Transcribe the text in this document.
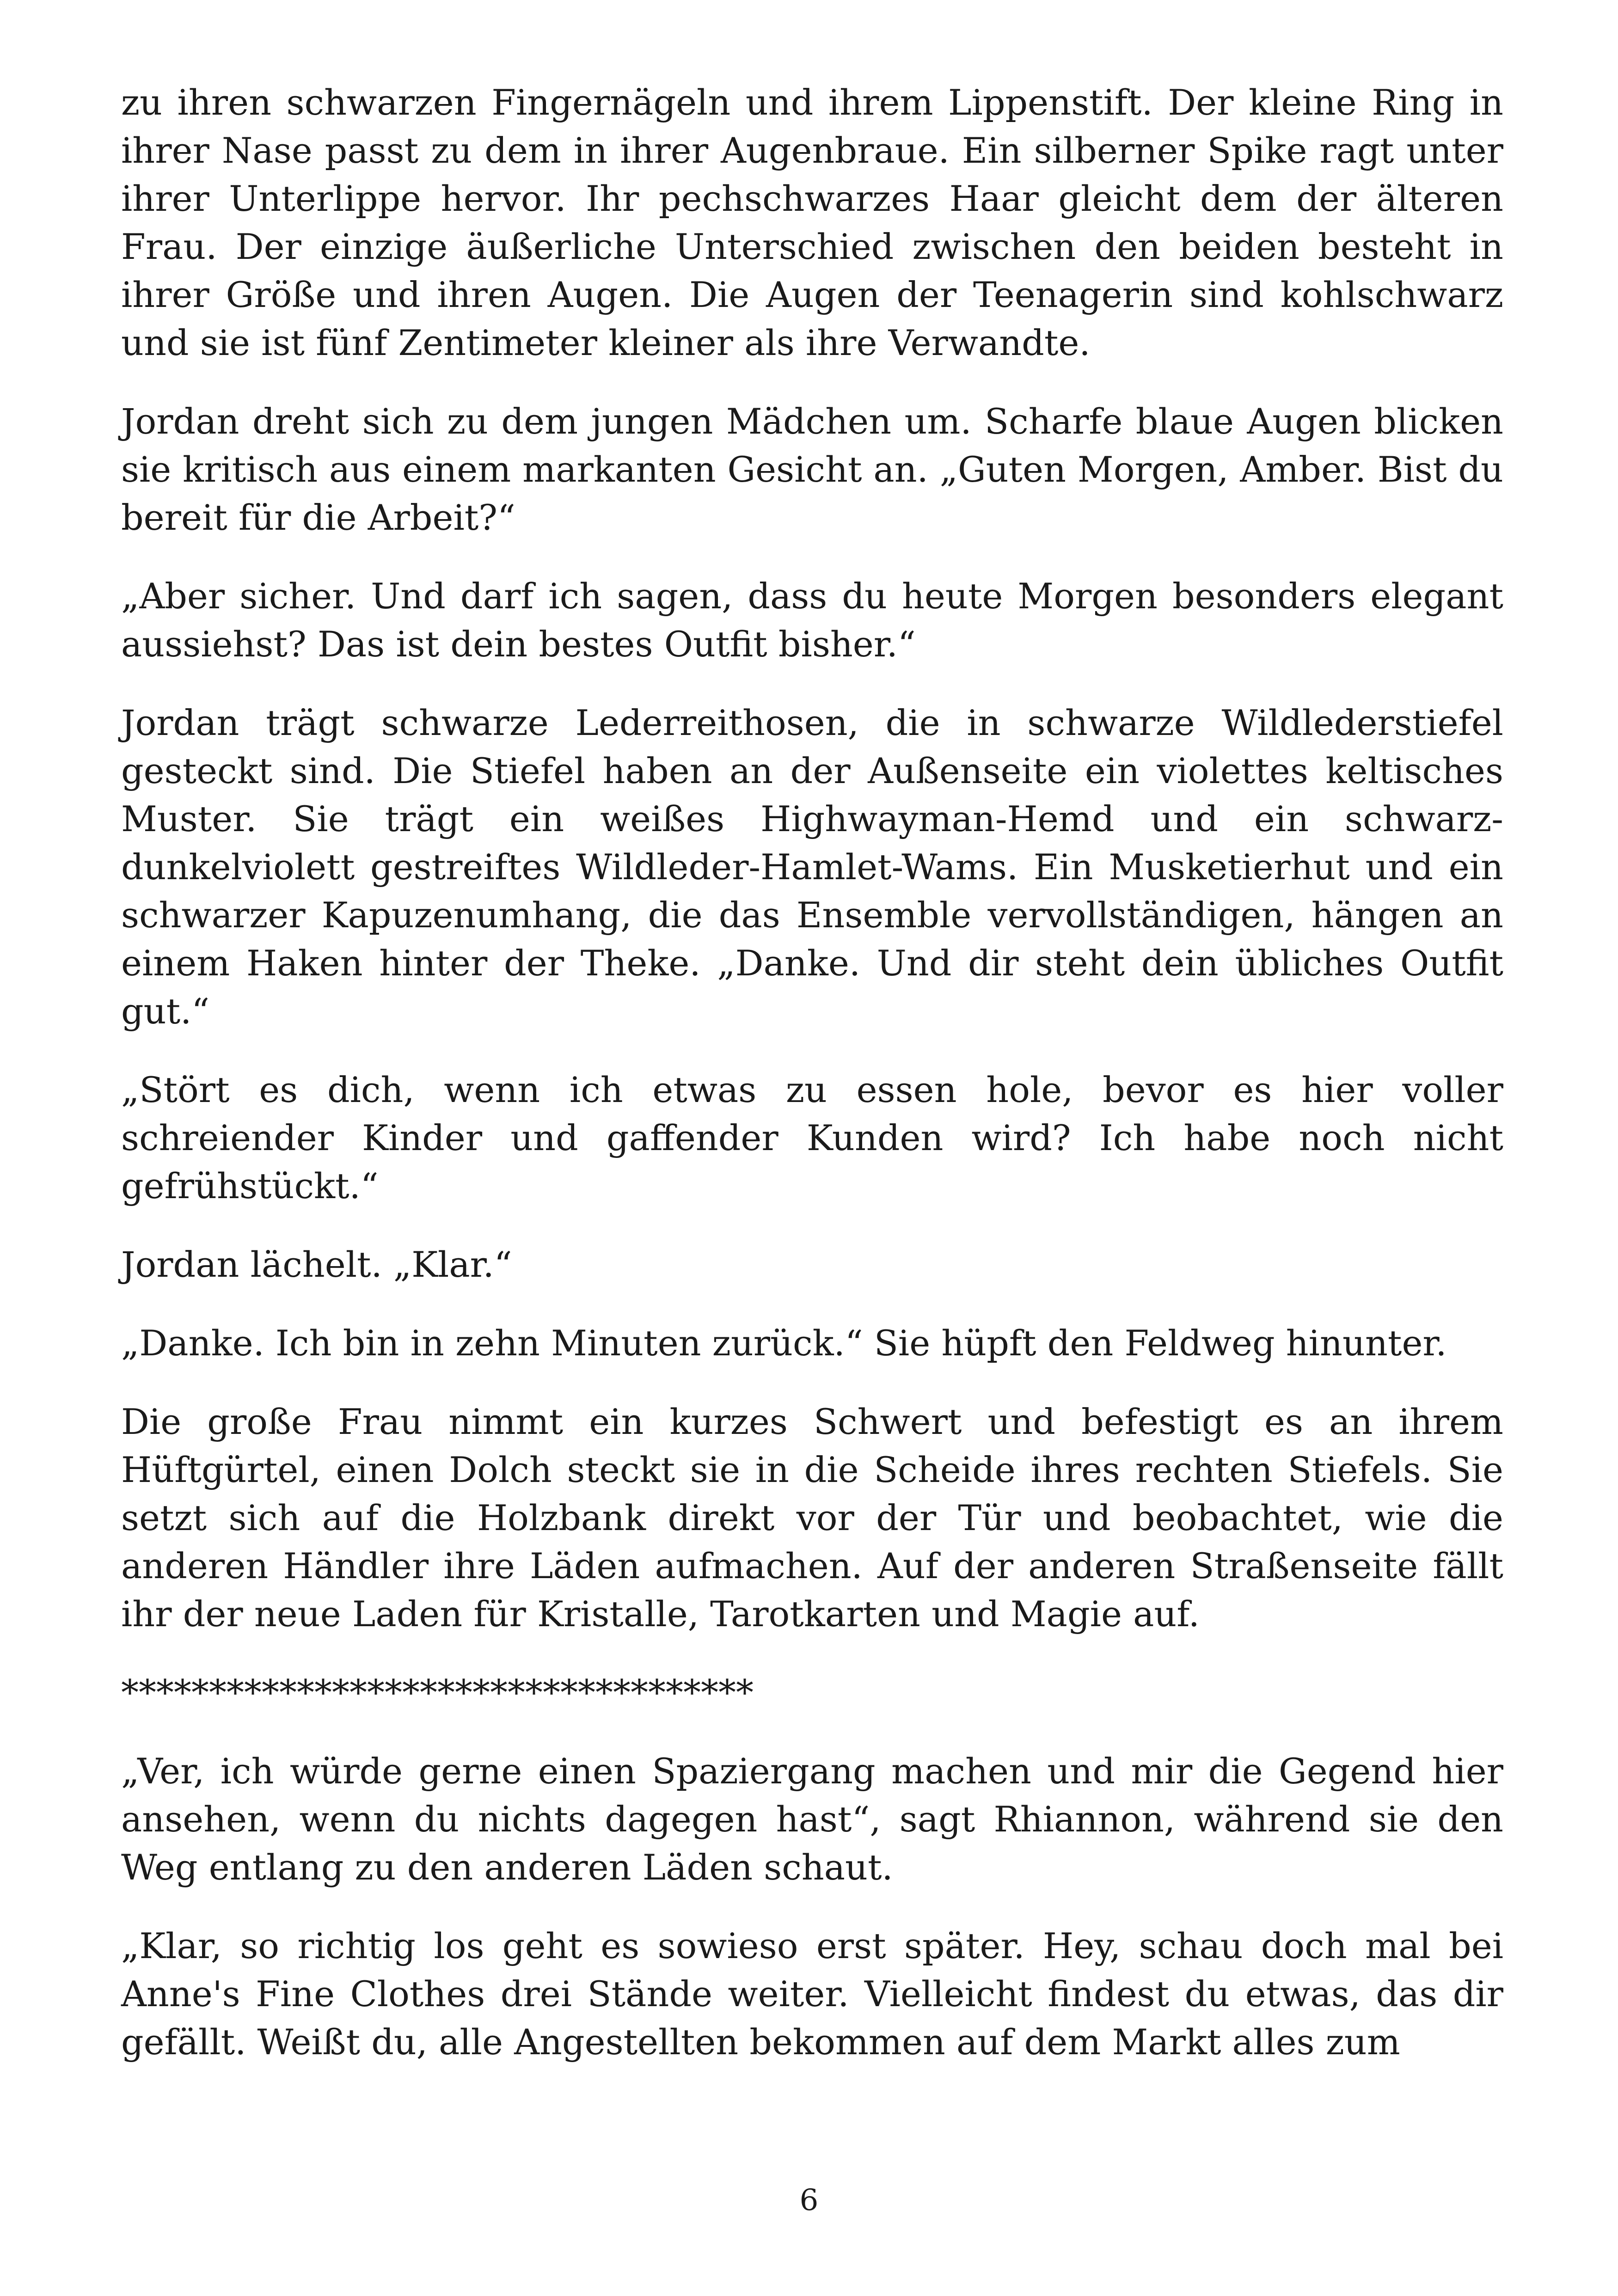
zu ihren schwarzen Fingernägeln und ihrem Lippenstift. Der kleine Ring in ihrer Nase passt zu dem in ihrer Augenbraue. Ein silberner Spike ragt unter ihrer Unterlippe hervor. Ihr pechschwarzes Haar gleicht dem der älteren Frau. Der einzige äußerliche Unterschied zwischen den beiden besteht in ihrer Größe und ihren Augen. Die Augen der Teenagerin sind kohlschwarz und sie ist fünf Zentimeter kleiner als ihre Verwandte.

Jordan dreht sich zu dem jungen Mädchen um. Scharfe blaue Augen blicken sie kritisch aus einem markanten Gesicht an. „Guten Morgen, Amber. Bist du bereit für die Arbeit?“

„Aber sicher. Und darf ich sagen, dass du heute Morgen besonders elegant aussiehst? Das ist dein bestes Outfit bisher.“

Jordan trägt schwarze Lederreithosen, die in schwarze Wildlederstiefel gesteckt sind. Die Stiefel haben an der Außenseite ein violettes keltisches Muster. Sie trägt ein weißes Highwayman-Hemd und ein schwarz-dunkelviolett gestreiftes Wildleder-Hamlet-Wams. Ein Musketierhut und ein schwarzer Kapuzenumhang, die das Ensemble vervollständigen, hängen an einem Haken hinter der Theke. „Danke. Und dir steht dein übliches Outfit gut.“

„Stört es dich, wenn ich etwas zu essen hole, bevor es hier voller schreiender Kinder und gaffender Kunden wird? Ich habe noch nicht gefrühstückt.“

Jordan lächelt. „Klar.“

„Danke. Ich bin in zehn Minuten zurück.“ Sie hüpft den Feldweg hinunter.

Die große Frau nimmt ein kurzes Schwert und befestigt es an ihrem Hüftgürtel, einen Dolch steckt sie in die Scheide ihres rechten Stiefels. Sie setzt sich auf die Holzbank direkt vor der Tür und beobachtet, wie die anderen Händler ihre Läden aufmachen. Auf der anderen Straßenseite fällt ihr der neue Laden für Kristalle, Tarotkarten und Magie auf.

************************************

„Ver, ich würde gerne einen Spaziergang machen und mir die Gegend hier ansehen, wenn du nichts dagegen hast“, sagt Rhiannon, während sie den Weg entlang zu den anderen Läden schaut.

„Klar, so richtig los geht es sowieso erst später. Hey, schau doch mal bei Anne's Fine Clothes drei Stände weiter. Vielleicht findest du etwas, das dir gefällt. Weißt du, alle Angestellten bekommen auf dem Markt alles zum

6
